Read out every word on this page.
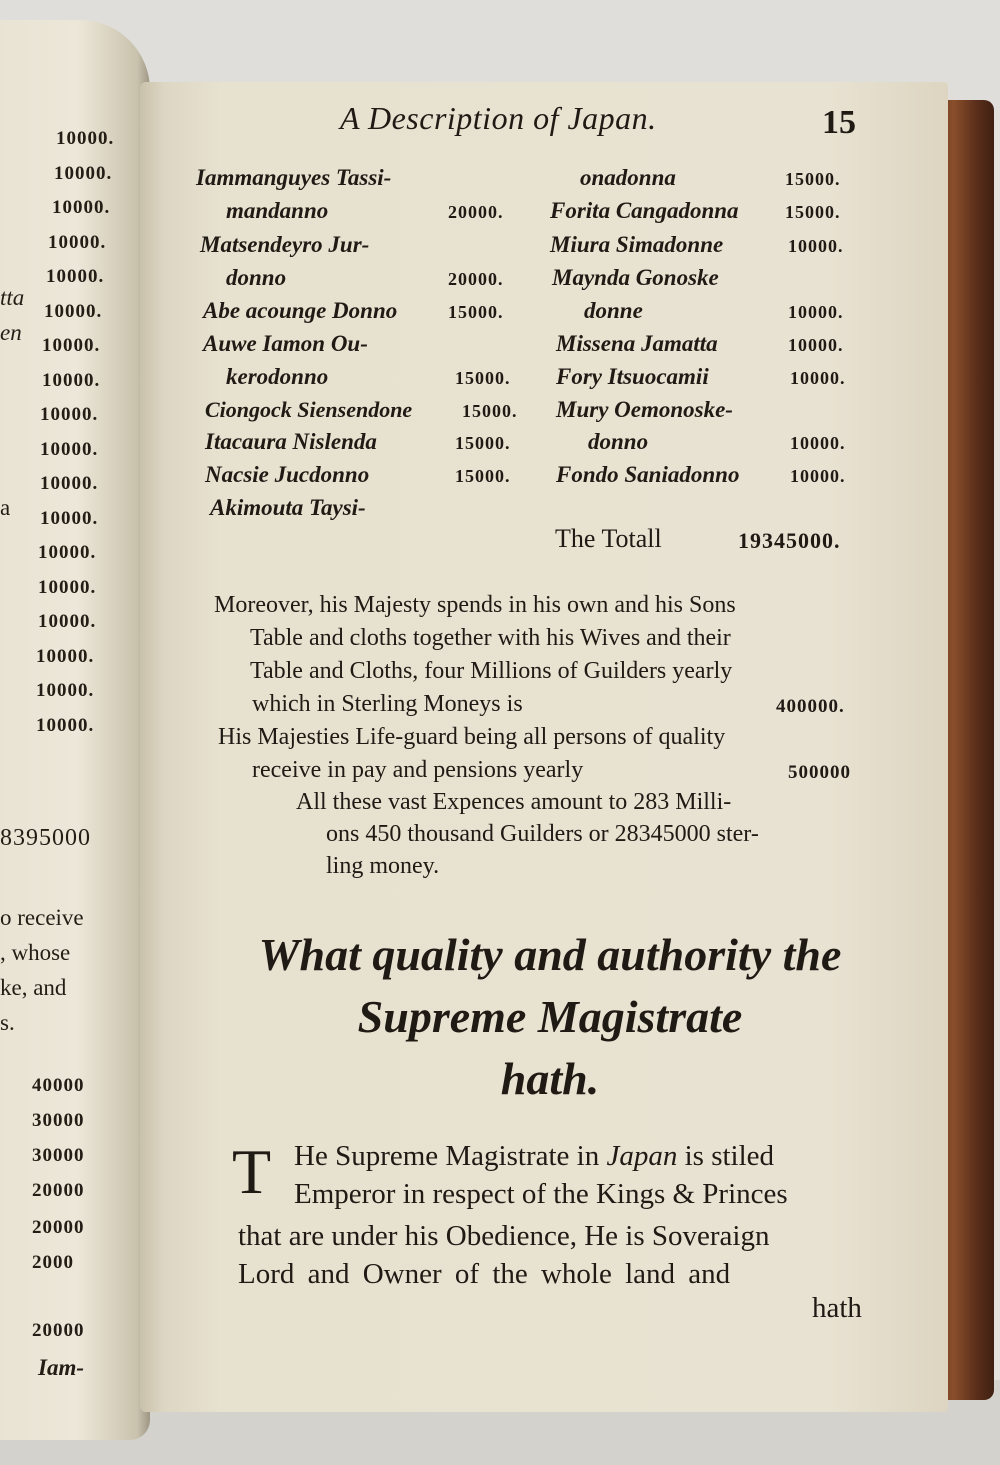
10000.
10000.
10000.
10000.
10000.
10000.
10000.
10000.
10000.
10000.
10000.
10000.
10000.
10000.
10000.
10000.
10000.
10000.
tta
en
a
8395000
o receive
, whose
ke, and
s.
40000
30000
30000
20000
20000
2000
20000
Iam-
A Description of Japan.	15
Iammanguyes Tassi-
mandanno	20000.
Matsendeyro Jur-
donno	20000.
Abe acounge Donno	15000.
Auwe Iamon Ou-
kerodonno	15000.
Ciongock Siensendone	15000.
Itacaura Nislenda	15000.
Nacsie Jucdonno	15000.
Akimouta Taysi-
onadonna	15000.
Forita Cangadonna	15000.
Miura Simadonne	10000.
Maynda Gonoske
donne	10000.
Missena Jamatta	10000.
Fory Itsuocamii	10000.
Mury Oemonoske-
donno	10000.
Fondo Saniadonno	10000.
The Totall	19345000.
Moreover, his Majesty spends in his own and his Sons
Table and cloths together with his Wives and their
Table and Cloths, four Millions of Guilders yearly
which in Sterling Moneys is	400000.
His Majesties Life-guard being all persons of quality
receive in pay and pensions yearly	500000
All these vast Expences amount to 283 Milli-
ons 450 thousand Guilders or 28345000 ster-
ling money.
What quality and authority the
Supreme Magistrate
hath.
T He Supreme Magistrate in Japan is stiled
Emperor in respect of the Kings & Princes
that are under his Obedience, He is Soveraign
Lord and Owner of the whole land and
hath
